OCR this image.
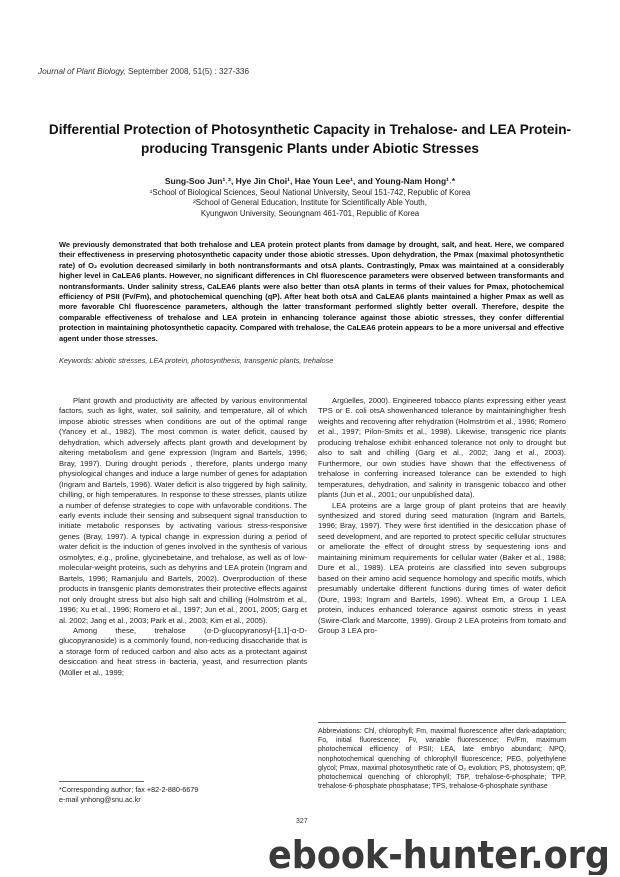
Journal of Plant Biology, September 2008, 51(5) : 327-336
Differential Protection of Photosynthetic Capacity in Trehalose- and LEA Protein-producing Transgenic Plants under Abiotic Stresses
Sung-Soo Jun¹˒², Hye Jin Choi¹, Hae Youn Lee¹, and Young-Nam Hong¹˒*
¹School of Biological Sciences, Seoul National University, Seoul 151-742, Republic of Korea
²School of General Education, Institute for Scientifically Able Youth,
Kyungwon University, Seoungnam 461-701, Republic of Korea

We previously demonstrated that both trehalose and LEA protein protect plants from damage by drought, salt, and heat. Here, we compared their effectiveness in preserving photosynthetic capacity under those abiotic stresses. Upon dehydration, the Pmax (maximal photosynthetic rate) of O₂ evolution decreased similarly in both nontransformants and otsA plants. Contrastingly, Pmax was maintained at a considerably higher level in CaLEA6 plants. However, no significant differences in Chl fluorescence parameters were observed between transformants and nontransformants. Under salinity stress, CaLEA6 plants were also better than otsA plants in terms of their values for Pmax, photochemical efficiency of PSII (Fv/Fm), and photochemical quenching (qP). After heat both otsA and CaLEA6 plants maintained a higher Pmax as well as more favorable Chl fluorescence parameters, although the latter transformant performed slightly better overall. Therefore, despite the comparable effectiveness of trehalose and LEA protein in enhancing tolerance against those abiotic stresses, they confer differential protection in maintaining photosynthetic capacity. Compared with trehalose, the CaLEA6 protein appears to be a more universal and effective agent under those stresses.

Keywords: abiotic stresses, LEA protein, photosynthesis, transgenic plants, trehalose

Plant growth and productivity are affected by various environmental factors, such as light, water, soil salinity, and temperature, all of which impose abiotic stresses when conditions are out of the optimal range (Yancey et al., 1982). The most common is water deficit, caused by dehydration, which adversely affects plant growth and development by altering metabolism and gene expression (Ingram and Bartels, 1996; Bray, 1997). During drought periods , therefore, plants undergo many physiological changes and induce a large number of genes for adaptation (Ingram and Bartels, 1996). Water deficit is also triggered by high salinity, chilling, or high temperatures. In response to these stresses, plants utilize a number of defense strategies to cope with unfavorable conditions. The early events include their sensing and subsequent signal transduction to initiate metabolic responses by activating various stress-responsive genes (Bray, 1997). A typical change in expression during a period of water deficit is the induction of genes involved in the synthesis of various osmolytes, e.g., proline, glycinebetaine, and trehalose, as well as of low-molecular-weight proteins, such as dehyrins and LEA protein (Ingram and Bartels, 1996; Ramanjulu and Bartels, 2002). Overproduction of these products in transgenic plants demonstrates their protective effects against not only drought stress but also high salt and chilling (Holmström et al., 1996; Xu et al., 1996; Romero et al., 1997; Jun et al., 2001, 2005; Garg et al. 2002; Jang et al., 2003; Park et al., 2003; Kim et al., 2005).

Among these, trehalose (α-D-glucopyranosyl-[1,1]-α-D-glucopyranoside) is a commonly found, non-reducing disaccharide that is a storage form of reduced carbon and also acts as a protectant against desiccation and heat stress in bacteria, yeast, and resurrection plants (Müller et al., 1999;

Argüelles, 2000). Engineered tobacco plants expressing either yeast TPS or E. coli otsA showenhanced tolerance by maintaininghigher fresh weights and recovering after rehydration (Holmström et al., 1996; Romero et al., 1997; Pilon-Smits et al., 1998). Likewise, transgenic rice plants producing trehalose exhibit enhanced tolerance not only to drought but also to salt and chilling (Garg et al., 2002; Jang et al., 2003). Furthermore, our own studies have shown that the effectiveness of trehalose in conferring increased tolerance can be extended to high temperatures, dehydration, and salinity in transgenic tobacco and other plants (Jun et al., 2001; our unpublished data).

LEA proteins are a large group of plant proteins that are heavily synthesized and stored during seed maturation (Ingram and Bartels, 1996; Bray, 1997). They were first identified in the desiccation phase of seed development, and are reported to protect specific cellular structures or ameliorate the effect of drought stress by sequestering ions and maintaining minimum requirements for cellular water (Baker et al., 1988; Dure et al., 1989). LEA proteins are classified into seven subgroups based on their amino acid sequence homology and specific motifs, which presumably undertake different functions during times of water deficit (Dure, 1993; Ingram and Bartels, 1996). Wheat Em, a Group 1 LEA protein, induces enhanced tolerance against osmotic stress in yeast (Swire-Clark and Marcotte, 1999). Group 2 LEA proteins from tomato and Group 3 LEA pro-

Abbreviations: Chl, chlorophyll; Fm, maximal fluorescence after dark-adaptation; Fo, initial fluorescence; Fv, variable fluorescence; Fv/Fm, maximum photochemical efficiency of PSII; LEA, late embryo abundant; NPQ, nonphotochemical quenching of chlorophyll fluorescence; PEG, polyethylene glycol; Pmax, maximal photosynthetic rate of O₂ evolution; PS, photosystem; qP, photochemical quenching of chlorophyll; T6P, trehalose-6-phosphate; TPP, trehalose-6-phosphate phosphatase; TPS, trehalose-6-phosphate synthase
*Corresponding author; fax +82-2-880-6679
e-mail ynhong@snu.ac.kr
327
ebook-hunter.org
